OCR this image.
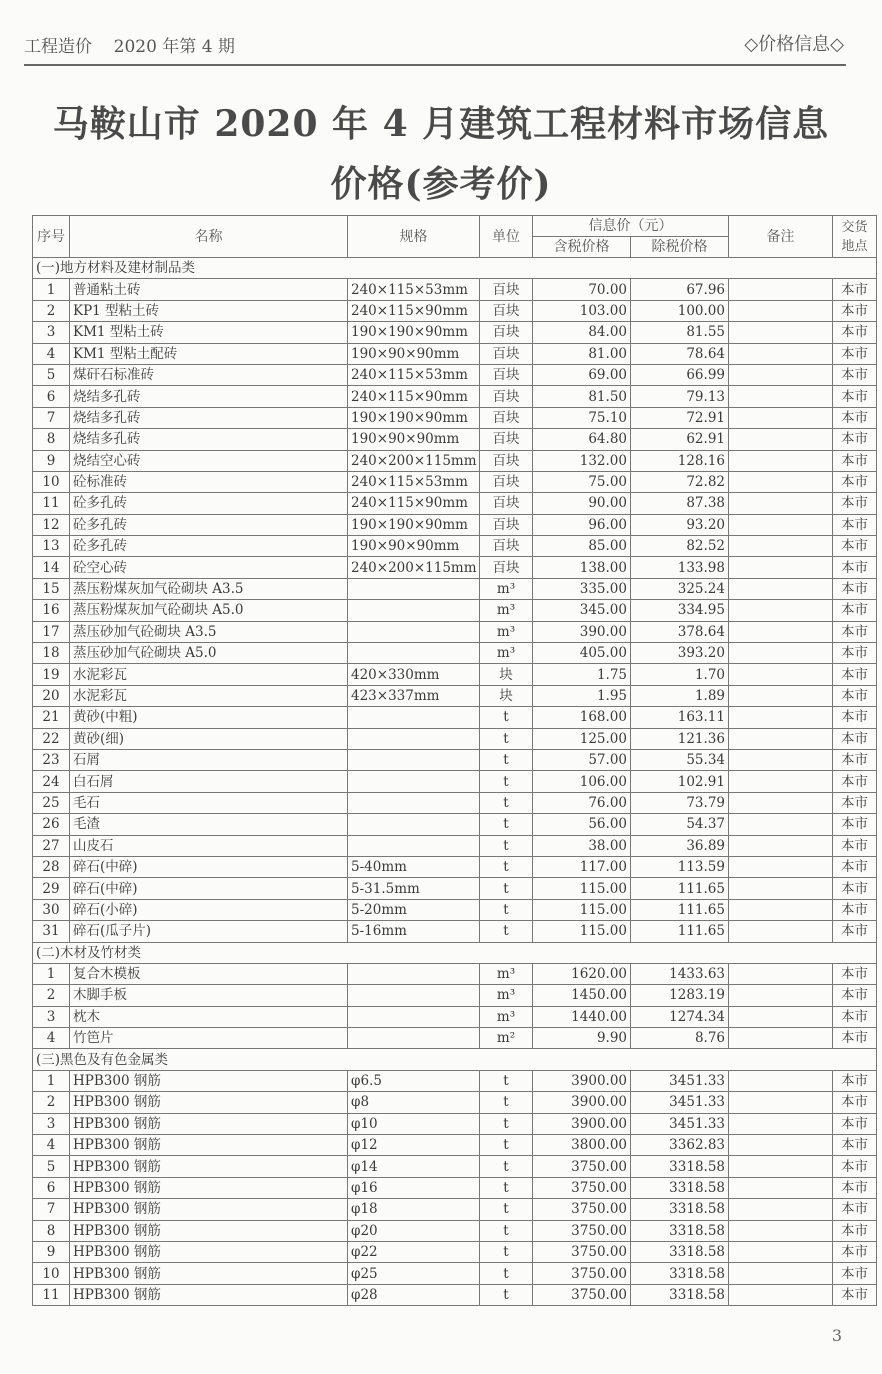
工程造价 2020 年第 4 期	◇价格信息◇
马鞍山市 2020 年 4 月建筑工程材料市场信息
价格(参考价)
序号	名称	规格	单位	信息价（元）		备注	交货地点
				含税价格	除税价格		
(一)地方材料及建材制品类							
1	普通粘土砖	240×115×53mm	百块	70.00	67.96		本市
2	KP1 型粘土砖	240×115×90mm	百块	103.00	100.00		本市
3	KM1 型粘土砖	190×190×90mm	百块	84.00	81.55		本市
4	KM1 型粘土配砖	190×90×90mm	百块	81.00	78.64		本市
5	煤矸石标准砖	240×115×53mm	百块	69.00	66.99		本市
6	烧结多孔砖	240×115×90mm	百块	81.50	79.13		本市
7	烧结多孔砖	190×190×90mm	百块	75.10	72.91		本市
8	烧结多孔砖	190×90×90mm	百块	64.80	62.91		本市
9	烧结空心砖	240×200×115mm	百块	132.00	128.16		本市
10	砼标准砖	240×115×53mm	百块	75.00	72.82		本市
11	砼多孔砖	240×115×90mm	百块	90.00	87.38		本市
12	砼多孔砖	190×190×90mm	百块	96.00	93.20		本市
13	砼多孔砖	190×90×90mm	百块	85.00	82.52		本市
14	砼空心砖	240×200×115mm	百块	138.00	133.98		本市
15	蒸压粉煤灰加气砼砌块 A3.5		m³	335.00	325.24		本市
16	蒸压粉煤灰加气砼砌块 A5.0		m³	345.00	334.95		本市
17	蒸压砂加气砼砌块 A3.5		m³	390.00	378.64		本市
18	蒸压砂加气砼砌块 A5.0		m³	405.00	393.20		本市
19	水泥彩瓦	420×330mm	块	1.75	1.70		本市
20	水泥彩瓦	423×337mm	块	1.95	1.89		本市
21	黄砂(中粗)		t	168.00	163.11		本市
22	黄砂(细)		t	125.00	121.36		本市
23	石屑		t	57.00	55.34		本市
24	白石屑		t	106.00	102.91		本市
25	毛石		t	76.00	73.79		本市
26	毛渣		t	56.00	54.37		本市
27	山皮石		t	38.00	36.89		本市
28	碎石(中碎)	5-40mm	t	117.00	113.59		本市
29	碎石(中碎)	5-31.5mm	t	115.00	111.65		本市
30	碎石(小碎)	5-20mm	t	115.00	111.65		本市
31	碎石(瓜子片)	5-16mm	t	115.00	111.65		本市
(二)木材及竹材类							
1	复合木模板		m³	1620.00	1433.63		本市
2	木脚手板		m³	1450.00	1283.19		本市
3	枕木		m³	1440.00	1274.34		本市
4	竹笆片		m²	9.90	8.76		本市
(三)黑色及有色金属类							
1	HPB300 钢筋	φ6.5	t	3900.00	3451.33		本市
2	HPB300 钢筋	φ8	t	3900.00	3451.33		本市
3	HPB300 钢筋	φ10	t	3900.00	3451.33		本市
4	HPB300 钢筋	φ12	t	3800.00	3362.83		本市
5	HPB300 钢筋	φ14	t	3750.00	3318.58		本市
6	HPB300 钢筋	φ16	t	3750.00	3318.58		本市
7	HPB300 钢筋	φ18	t	3750.00	3318.58		本市
8	HPB300 钢筋	φ20	t	3750.00	3318.58		本市
9	HPB300 钢筋	φ22	t	3750.00	3318.58		本市
10	HPB300 钢筋	φ25	t	3750.00	3318.58		本市
11	HPB300 钢筋	φ28	t	3750.00	3318.58		本市
3
